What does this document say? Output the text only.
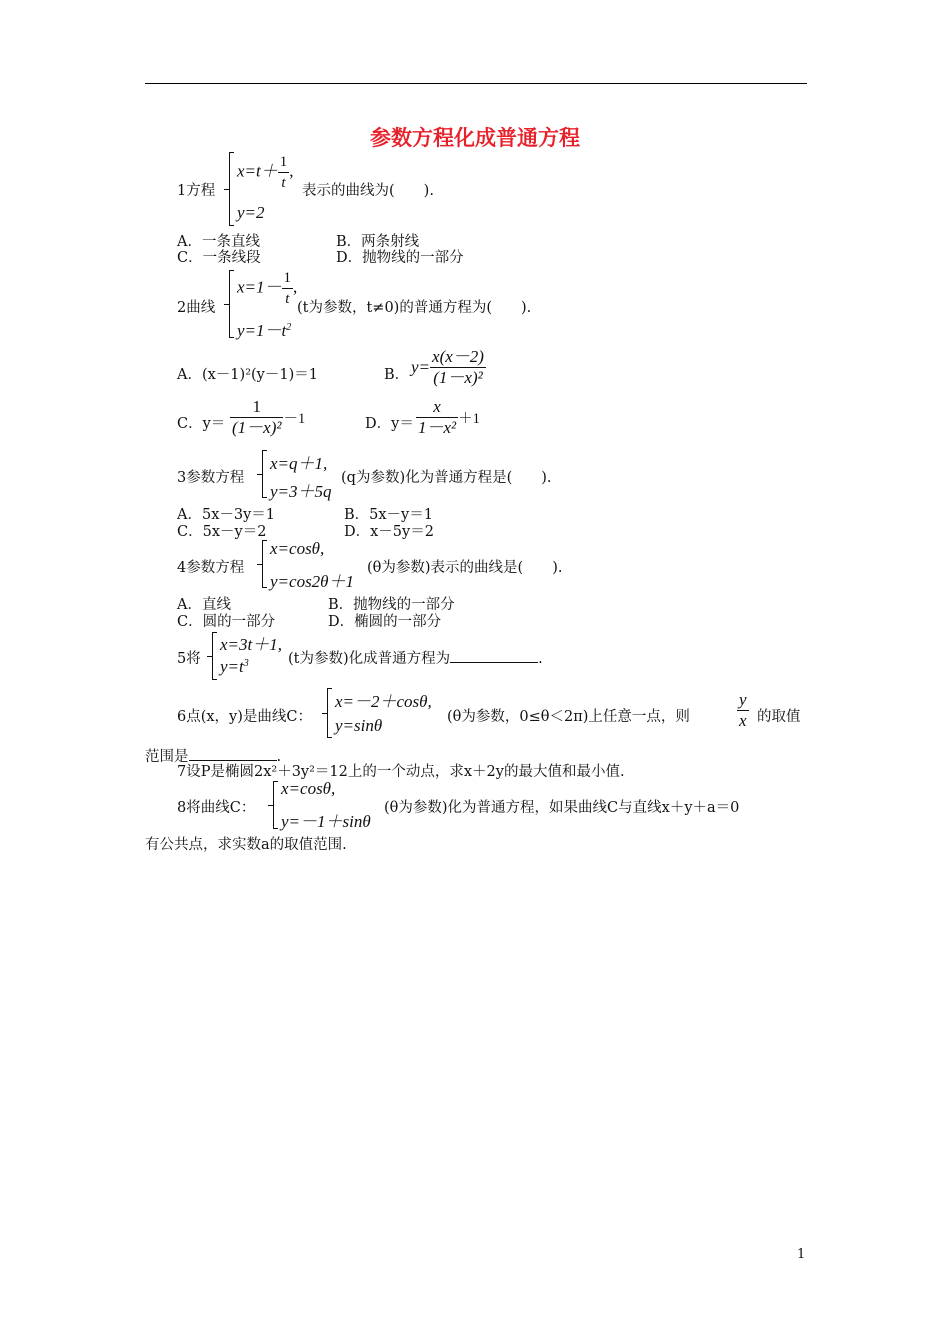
参数方程化成普通方程
1方程
$x=t+ \frac{1}{t}$ ,
y=2
表示的曲线为(　　).
A．一条直线	B．两条射线
C．一条线段	D．抛物线的一部分
2曲线
$x=1- \frac{1}{t}$ ,
$y=1-t^2$
(t为参数，t≠0)的普通方程为(　　).
A．(x－1)²(y－1)＝1	B． $y= \frac{x(x-2)}{\text{(1－x)²}}$
C．$y= \frac{1}{\text{(1－x)²}} -1$	D．$y= \frac{x}{\text{1－x²}} +1$
3参数方程
x=q＋1,
y=3＋5q
(q为参数)化为普通方程是(　　).
A．5x－3y＝1	B．5x－y＝1
C．5x－y＝2	D．x－5y＝2
4参数方程
x=cosθ,
y=cos2θ＋1
(θ为参数)表示的曲线是(　　).
A．直线	B．抛物线的一部分
C．圆的一部分	D．椭圆的一部分
5将
x=3t＋1,
$y=t^3$	(t为参数)化成普通方程为	.
6点(x，y)是曲线C：
x=－2＋cosθ,
y=sinθ	(θ为参数，0≤θ＜2π)上任意一点，则	$\frac{y}{x}$ 的取值
范围是	.
7设P是椭圆2x²＋3y²＝12上的一个动点，求x＋2y的最大值和最小值.
8将曲线C：
x=cosθ,
y=－1＋sinθ
(θ为参数)化为普通方程，如果曲线C与直线x＋y＋a＝0
有公共点，求实数a的取值范围.
1
